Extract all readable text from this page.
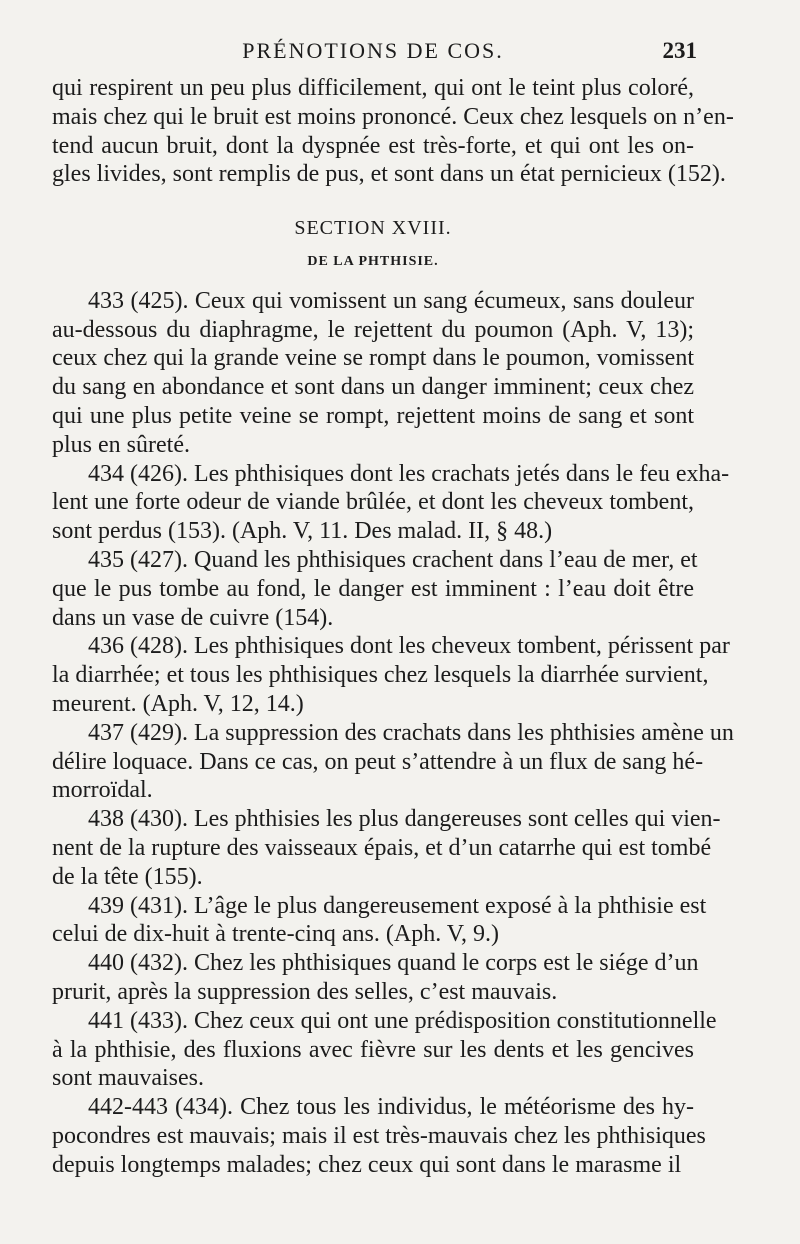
PRÉNOTIONS DE COS.	231
qui respirent un peu plus difficilement, qui ont le teint plus coloré,
mais chez qui le bruit est moins prononcé. Ceux chez lesquels on n’en-
tend aucun bruit, dont la dyspnée est très-forte, et qui ont les on-
gles livides, sont remplis de pus, et sont dans un état pernicieux (152).
SECTION XVIII.
DE LA PHTHISIE.
433 (425). Ceux qui vomissent un sang écumeux, sans douleur
au-dessous du diaphragme, le rejettent du poumon (Aph. V, 13);
ceux chez qui la grande veine se rompt dans le poumon, vomissent
du sang en abondance et sont dans un danger imminent; ceux chez
qui une plus petite veine se rompt, rejettent moins de sang et sont
plus en sûreté.
434 (426). Les phthisiques dont les crachats jetés dans le feu exha-
lent une forte odeur de viande brûlée, et dont les cheveux tombent,
sont perdus (153). (Aph. V, 11. Des malad. II, § 48.)
435 (427). Quand les phthisiques crachent dans l’eau de mer, et
que le pus tombe au fond, le danger est imminent : l’eau doit être
dans un vase de cuivre (154).
436 (428). Les phthisiques dont les cheveux tombent, périssent par
la diarrhée; et tous les phthisiques chez lesquels la diarrhée survient,
meurent. (Aph. V, 12, 14.)
437 (429). La suppression des crachats dans les phthisies amène un
délire loquace. Dans ce cas, on peut s’attendre à un flux de sang hé-
morroïdal.
438 (430). Les phthisies les plus dangereuses sont celles qui vien-
nent de la rupture des vaisseaux épais, et d’un catarrhe qui est tombé
de la tête (155).
439 (431). L’âge le plus dangereusement exposé à la phthisie est
celui de dix-huit à trente-cinq ans. (Aph. V, 9.)
440 (432). Chez les phthisiques quand le corps est le siége d’un
prurit, après la suppression des selles, c’est mauvais.
441 (433). Chez ceux qui ont une prédisposition constitutionnelle
à la phthisie, des fluxions avec fièvre sur les dents et les gencives
sont mauvaises.
442-443 (434). Chez tous les individus, le météorisme des hy-
pocondres est mauvais; mais il est très-mauvais chez les phthisiques
depuis longtemps malades; chez ceux qui sont dans le marasme il
